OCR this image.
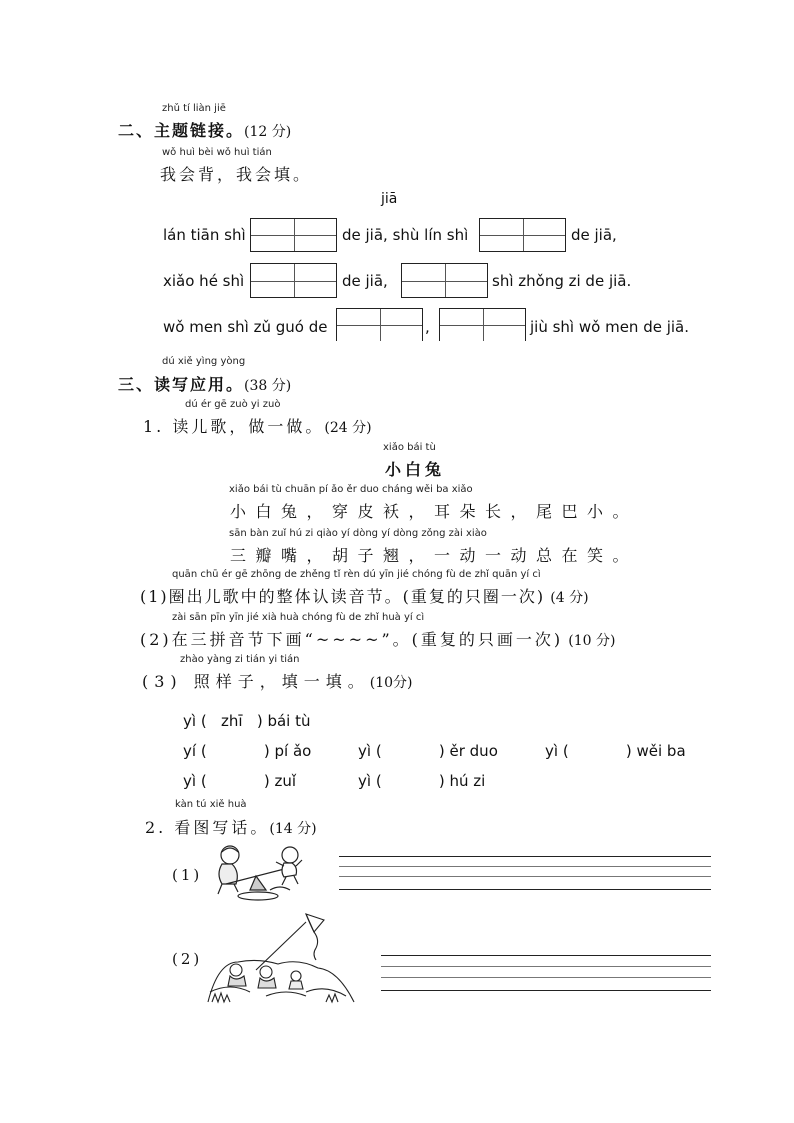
zhǔ tí liàn jiē
二、主题链接。(12 分)
wǒ huì bèi wǒ huì tián
我会背，我会填。
jiā
lán tiān shì	de jiā, shù lín shì	de jiā,
xiǎo hé shì	de jiā,	shì zhǒng zi de jiā.
wǒ men shì zǔ guó de	,	jiù shì wǒ men de jiā.
dú xiě yìng yòng
三、读写应用。(38 分)
dú ér gē zuò yi zuò
1. 读儿歌，做一做。(24 分)
xiǎo bái tù
小白兔
xiǎo bái tù chuān pí ǎo ěr duo cháng wěi ba xiǎo
小白兔，穿皮袄，耳朵长，尾巴小。
sān bàn zuǐ hú zi qiào yí dòng yí dòng zǒng zài xiào
三瓣嘴，胡子翘，一动一动总在笑。
quān chū ér gē zhōng de zhěng tǐ rèn dú yīn jié chóng fù de zhǐ quān yí cì
(1)圈出儿歌中的整体认读音节。(重复的只圈一次) (4 分)
zài sān pīn yīn jié xià huà chóng fù de zhǐ huà yí cì
(2)在三拼音节下画“~~~~”。(重复的只画一次) (10 分)
zhào yàng zi tián yi tián
(3) 照样子，填一填。(10分)
yì (   zhī   ) bái tù
yí (            ) pí ǎo	yì (            ) ěr duo	yì (            ) wěi ba
yì (            ) zuǐ	yì (            ) hú zi
kàn tú xiě huà
2. 看图写话。(14 分)
(1)
(2)
